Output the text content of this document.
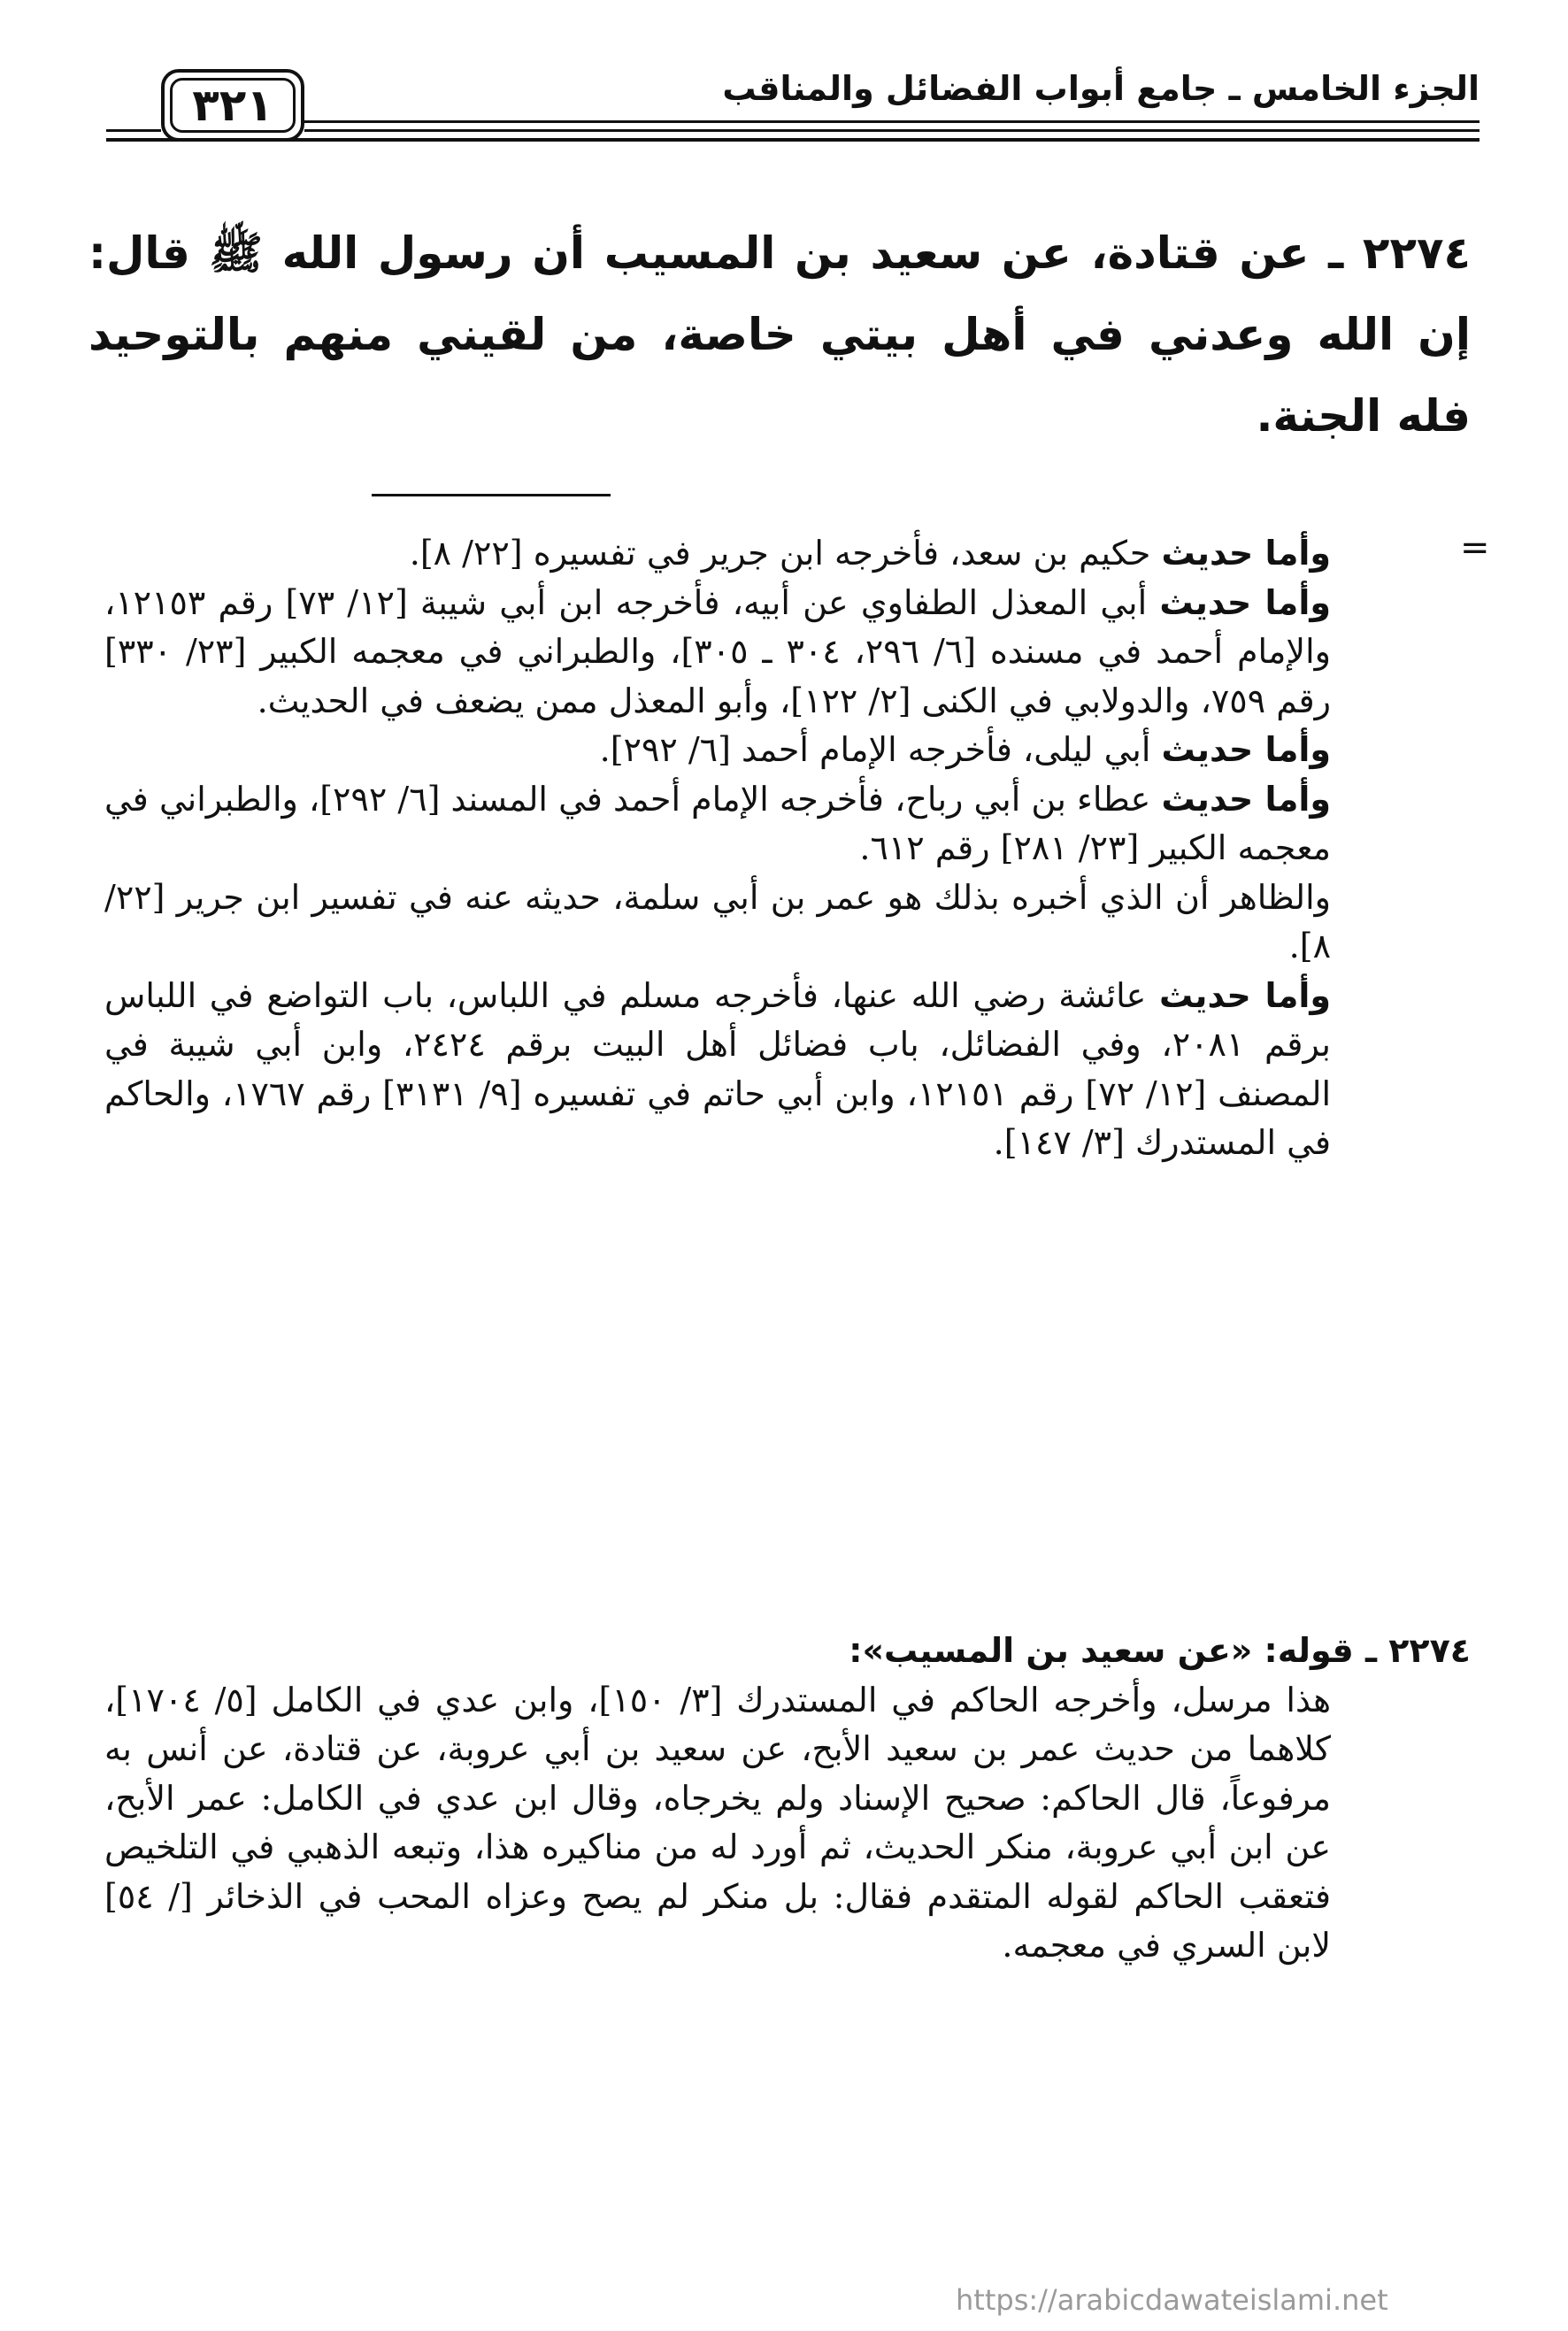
الجزء الخامس ـ جامع أبواب الفضائل والمناقب
٣٢١
٢٢٧٤ ـ عن قتادة، عن سعيد بن المسيب أن رسول الله ﷺ قال: إن الله وعدني في أهل بيتي خاصة، من لقيني منهم بالتوحيد فله الجنة.
=

وأما حديث حكيم بن سعد، فأخرجه ابن جرير في تفسيره [٢٢/ ٨].

وأما حديث أبي المعذل الطفاوي عن أبيه، فأخرجه ابن أبي شيبة [١٢/ ٧٣] رقم ١٢١٥٣، والإمام أحمد في مسنده [٦/ ٢٩٦، ٣٠٤ ـ ٣٠٥]، والطبراني في معجمه الكبير [٢٣/ ٣٣٠] رقم ٧٥٩، والدولابي في الكنى [٢/ ١٢٢]، وأبو المعذل ممن يضعف في الحديث.

وأما حديث أبي ليلى، فأخرجه الإمام أحمد [٦/ ٢٩٢].

وأما حديث عطاء بن أبي رباح، فأخرجه الإمام أحمد في المسند [٦/ ٢٩٢]، والطبراني في معجمه الكبير [٢٣/ ٢٨١] رقم ٦١٢.

والظاهر أن الذي أخبره بذلك هو عمر بن أبي سلمة، حديثه عنه في تفسير ابن جرير [٢٢/ ٨].

وأما حديث عائشة رضي الله عنها، فأخرجه مسلم في اللباس، باب التواضع في اللباس برقم ٢٠٨١، وفي الفضائل، باب فضائل أهل البيت برقم ٢٤٢٤، وابن أبي شيبة في المصنف [١٢/ ٧٢] رقم ١٢١٥١، وابن أبي حاتم في تفسيره [٩/ ٣١٣١] رقم ١٧٦٧، والحاكم في المستدرك [٣/ ١٤٧].

٢٢٧٤ ـ قوله: «عن سعيد بن المسيب»:
هذا مرسل، وأخرجه الحاكم في المستدرك [٣/ ١٥٠]، وابن عدي في الكامل [٥/ ١٧٠٤]، كلاهما من حديث عمر بن سعيد الأبح، عن سعيد بن أبي عروبة، عن قتادة، عن أنس به مرفوعاً، قال الحاكم: صحيح الإسناد ولم يخرجاه، وقال ابن عدي في الكامل: عمر الأبح، عن ابن أبي عروبة، منكر الحديث، ثم أورد له من مناكيره هذا، وتبعه الذهبي في التلخيص فتعقب الحاكم لقوله المتقدم فقال: بل منكر لم يصح وعزاه المحب في الذخائر [/ ٥٤] لابن السري في معجمه.
https://arabicdawateislami.net
